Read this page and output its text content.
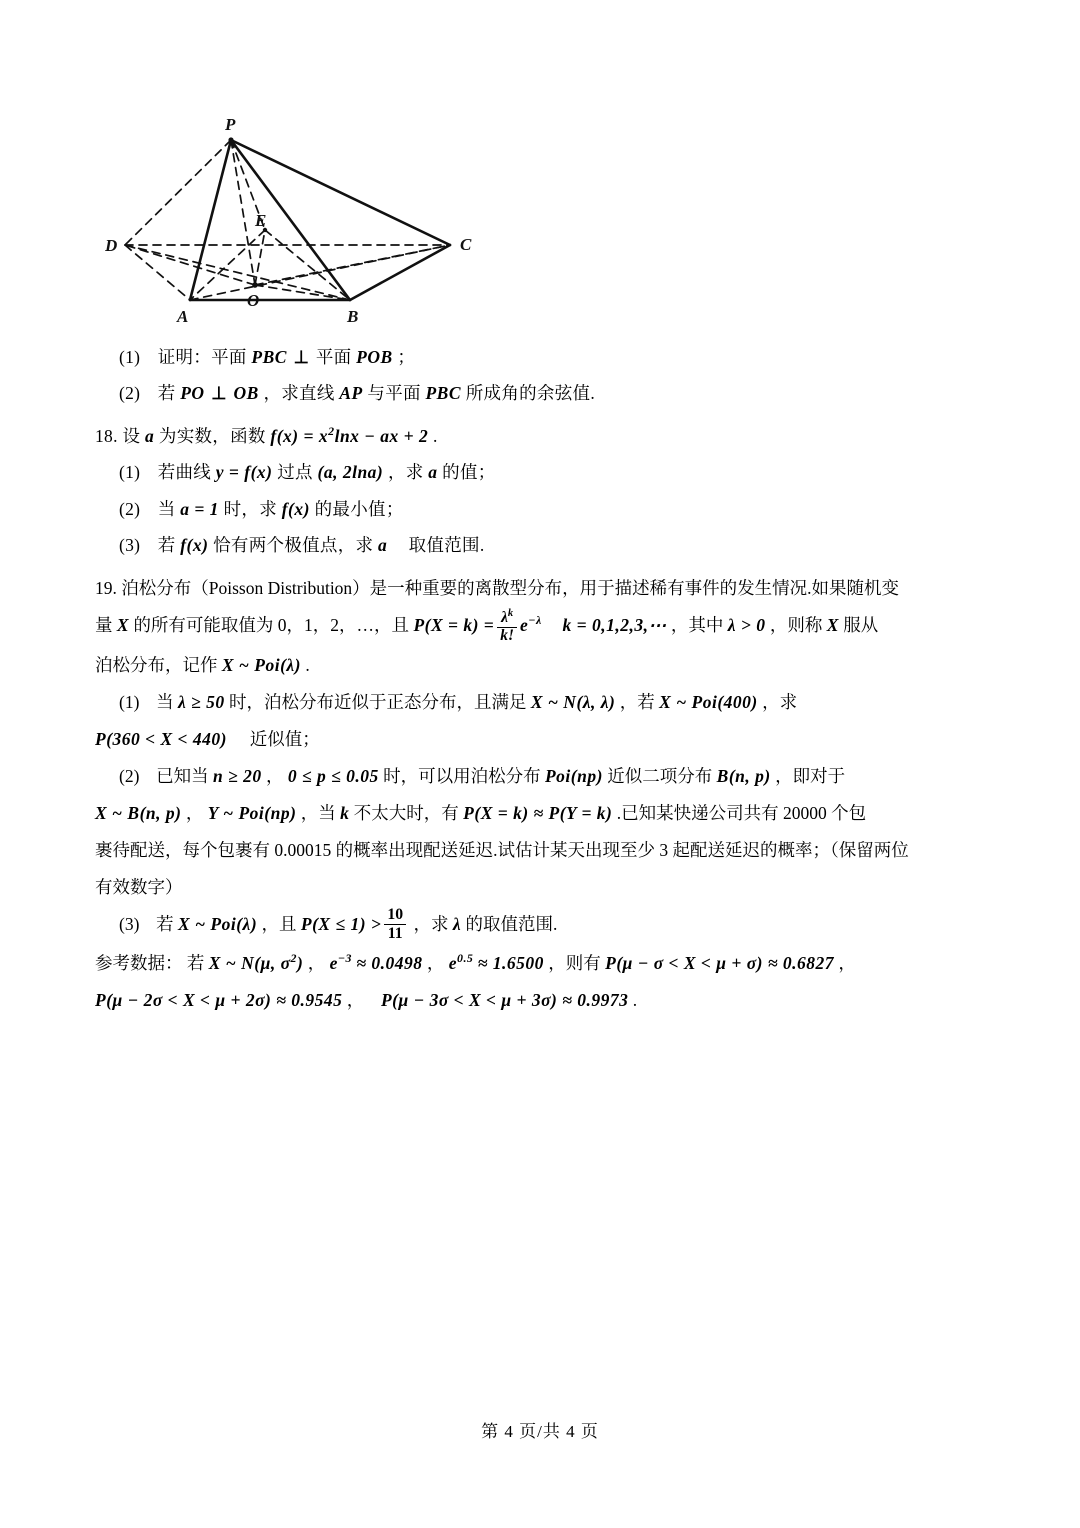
P
D
E
C
O
A	B
(1) 证明：平面 PBC ⊥ 平面 POB ；
(2) 若 PO ⊥ OB ，求直线 AP 与平面 PBC 所成角的余弦值.
18. 设 a 为实数，函数 $f(x) = x^2\ln x$ − ax + 2 .
(1) 若曲线 y = f(x) 过点 (a, 2lna) ，求 a 的值；
(2) 当 a = 1 时，求 f(x) 的最小值；
(3) 若 f(x) 恰有两个极值点，求 a 取值范围.
19. 泊松分布（Poisson Distribution）是一种重要的离散型分布，用于描述稀有事件的发生情况.如果随机变
量 X 的所有可能取值为 0，1，2，…，且 $P(X = k) = \frac{\lambda^k}{k!} e^{-\lambda}$ k = 0,1,2,3,⋯ ，其中 λ > 0 ，则称 X 服从
泊松分布，记作 X ~ Poi(λ) .
(1) 当 λ ≥ 50 时，泊松分布近似于正态分布，且满足 X ~ N(λ, λ) ，若 X ~ Poi(400) ，求
P(360 < X < 440) 近似值；
(2) 已知当 n ≥ 20 ， 0 ≤ p ≤ 0.05 时，可以用泊松分布 Poi(np) 近似二项分布 B(n, p) ，即对于
X ~ B(n, p) ， Y ~ Poi(np) ，当 k 不太大时，有 P(X = k) ≈ P(Y = k) .已知某快递公司共有 20000 个包
裹待配送，每个包裹有 0.00015 的概率出现配送延迟.试估计某天出现至少 3 起配送延迟的概率；（保留两位
有效数字）
(3) 若 X ~ Poi(λ) ，且 $P(X \le 1) > \frac{10}{11}$ ，求 λ 的取值范围.
参考数据： 若 X ~ N(μ, $\sigma^2$) ， $e^{-3} \approx 0.0498$ ， $e^{0.5} \approx 1.6500$ ，则有 P(μ − σ < X < μ + σ) ≈ 0.6827 ，
P(μ − 2σ < X < μ + 2σ) ≈ 0.9545 ， P(μ − 3σ < X < μ + 3σ) ≈ 0.9973 .
第 4 页/共 4 页
